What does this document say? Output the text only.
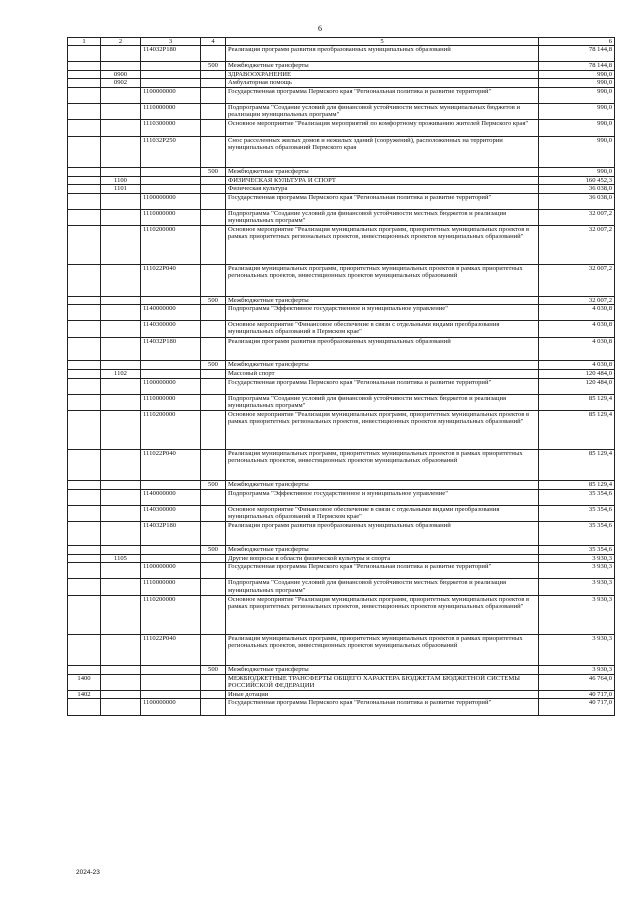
6
1	2	3	4	5	6
		114032Р180		Реализация программ развития преобразованных муниципальных образований	78 144,8
			500	Межбюджетные трансферты	78 144,8
	0900			ЗДРАВООХРАНЕНИЕ	990,0
	0902			Амбулаторная помощь	990,0
		1100000000		Государственная программа Пермского края "Региональная политика и развитие территорий"	990,0
		1110000000		Подпрограмма "Создание условий для финансовой устойчивости местных муниципальных бюджетов и реализации муниципальных программ"	990,0
		1110300000		Основное мероприятие "Реализация мероприятий по комфортному проживанию жителей Пермского края"	990,0
		111032Р250		Снос расселенных жилых домов и нежилых зданий (сооружений), расположенных на территории муниципальных образований Пермского края	990,0
			500	Межбюджетные трансферты	990,0
	1100			ФИЗИЧЕСКАЯ КУЛЬТУРА И СПОРТ	160 452,3
	1101			Физическая культура	36 038,0
		1100000000		Государственная программа Пермского края "Региональная политика и развитие территорий"	36 038,0
		1110000000		Подпрограмма "Создание условий для финансовой устойчивости местных бюджетов и реализация муниципальных программ"	32 007,2
		1110200000		Основное мероприятие "Реализация муниципальных программ, приоритетных муниципальных проектов в рамках приоритетных региональных проектов, инвестиционных проектов муниципальных образований"	32 007,2
		111022Р040		Реализация муниципальных программ, приоритетных муниципальных проектов в рамках приоритетных региональных проектов, инвестиционных проектов муниципальных образований	32 007,2
			500	Межбюджетные трансферты	32 007,2
		1140000000		Подпрограмма "Эффективное государственное и муниципальное управление"	4 030,8
		1140300000		Основное мероприятие "Финансовое обеспечение в связи с отдельными видами преобразования муниципальных образований в Пермском крае"	4 030,8
		114032Р180		Реализация программ развития преобразованных муниципальных образований	4 030,8
			500	Межбюджетные трансферты	4 030,8
	1102			Массовый спорт	120 484,0
		1100000000		Государственная программа Пермского края "Региональная политика и развитие территорий"	120 484,0
		1110000000		Подпрограмма "Создание условий для финансовой устойчивости местных бюджетов и реализация муниципальных программ"	85 129,4
		1110200000		Основное мероприятие "Реализация муниципальных программ, приоритетных муниципальных проектов в рамках приоритетных региональных проектов, инвестиционных проектов муниципальных образований"	85 129,4
		111022Р040		Реализация муниципальных программ, приоритетных муниципальных проектов в рамках приоритетных региональных проектов, инвестиционных проектов муниципальных образований	85 129,4
			500	Межбюджетные трансферты	85 129,4
		1140000000		Подпрограмма "Эффективное государственное и муниципальное управление"	35 354,6
		1140300000		Основное мероприятие "Финансовое обеспечение в связи с отдельными видами преобразования муниципальных образований в Пермском крае"	35 354,6
		114032Р180		Реализация программ развития преобразованных муниципальных образований	35 354,6
			500	Межбюджетные трансферты	35 354,6
	1105			Другие вопросы в области физической культуры и спорта	3 930,3
		1100000000		Государственная программа Пермского края "Региональная политика и развитие территорий"	3 930,3
		1110000000		Подпрограмма "Создание условий для финансовой устойчивости местных бюджетов и реализация муниципальных программ"	3 930,3
		1110200000		Основное мероприятие "Реализация муниципальных программ, приоритетных муниципальных проектов в рамках приоритетных региональных проектов, инвестиционных проектов муниципальных образований"	3 930,3
		111022Р040		Реализация муниципальных программ, приоритетных муниципальных проектов в рамках приоритетных региональных проектов, инвестиционных проектов муниципальных образований	3 930,3
			500	Межбюджетные трансферты	3 930,3
1400				МЕЖБЮДЖЕТНЫЕ ТРАНСФЕРТЫ ОБЩЕГО ХАРАКТЕРА БЮДЖЕТАМ БЮДЖЕТНОЙ СИСТЕМЫ РОССИЙСКОЙ ФЕДЕРАЦИИ	46 764,0
1402				Иные дотации	40 717,0
		1100000000		Государственная программа Пермского края "Региональная политика и развитие территорий"	40 717,0
2024-23
